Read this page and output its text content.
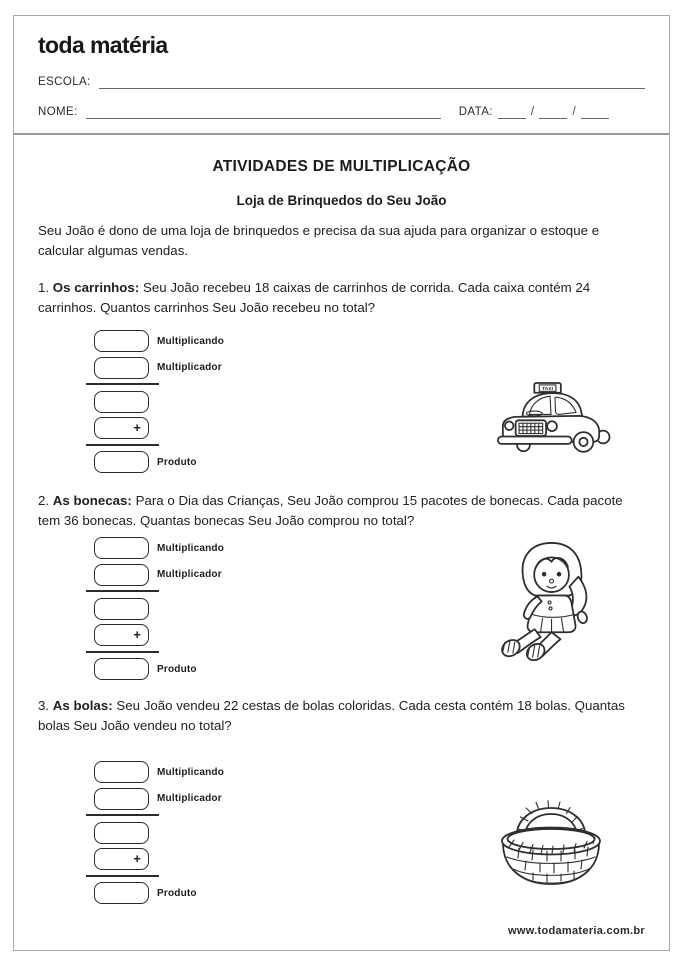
toda matéria
ESCOLA:
NOME:	DATA:	/	/
ATIVIDADES DE MULTIPLICAÇÃO
Loja de Brinquedos do Seu João

Seu João é dono de uma loja de brinquedos e precisa da sua ajuda para organizar o estoque e calcular algumas vendas.

1. Os carrinhos: Seu João recebeu 18 caixas de carrinhos de corrida. Cada caixa contém 24 carrinhos. Quantos carrinhos Seu João recebeu no total?

Multiplicando
Multiplicador
+
Produto
TAXI

2. As bonecas: Para o Dia das Crianças, Seu João comprou 15 pacotes de bonecas. Cada pacote tem 36 bonecas. Quantas bonecas Seu João comprou no total?

Multiplicando
Multiplicador
+
Produto

3. As bolas: Seu João vendeu 22 cestas de bolas coloridas. Cada cesta contém 18 bolas. Quantas bolas Seu João vendeu no total?

Multiplicando
Multiplicador
+
Produto
www.todamateria.com.br
